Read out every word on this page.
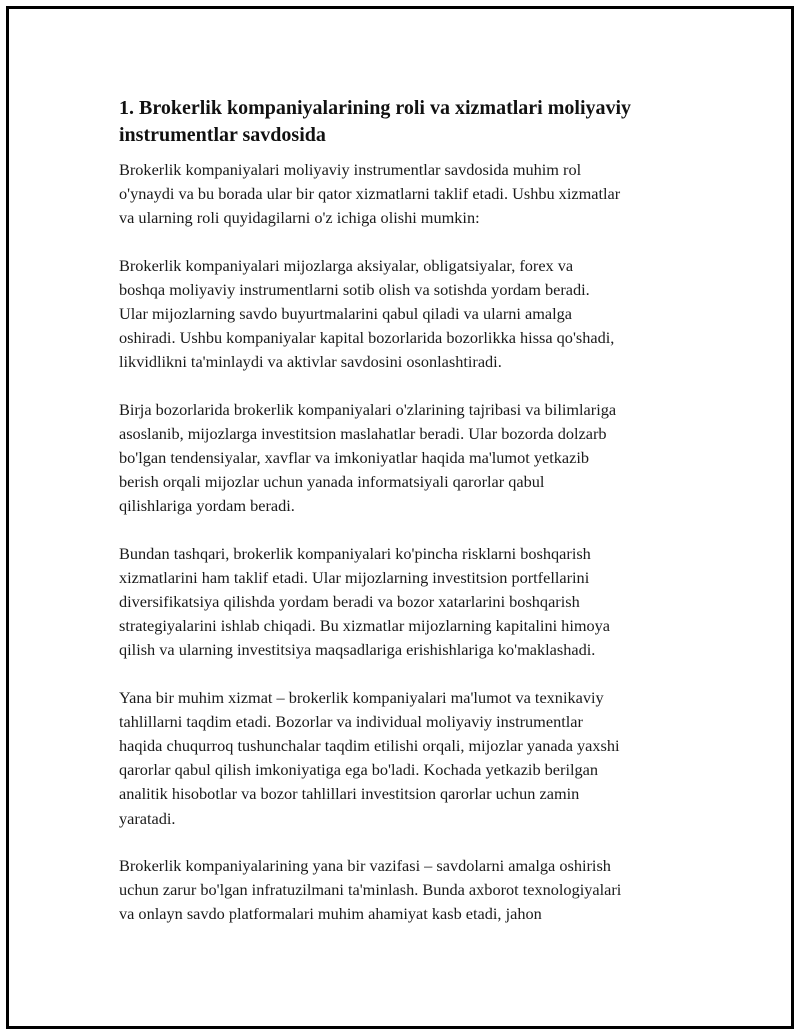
1. Brokerlik kompaniyalarining roli va xizmatlari moliyaviy
instrumentlar savdosida

Brokerlik kompaniyalari moliyaviy instrumentlar savdosida muhim rol
o'ynaydi va bu borada ular bir qator xizmatlarni taklif etadi. Ushbu xizmatlar
va ularning roli quyidagilarni o'z ichiga olishi mumkin:

Brokerlik kompaniyalari mijozlarga aksiyalar, obligatsiyalar, forex va
boshqa moliyaviy instrumentlarni sotib olish va sotishda yordam beradi.
Ular mijozlarning savdo buyurtmalarini qabul qiladi va ularni amalga
oshiradi. Ushbu kompaniyalar kapital bozorlarida bozorlikka hissa qo'shadi,
likvidlikni ta'minlaydi va aktivlar savdosini osonlashtiradi.

Birja bozorlarida brokerlik kompaniyalari o'zlarining tajribasi va bilimlariga
asoslanib, mijozlarga investitsion maslahatlar beradi. Ular bozorda dolzarb
bo'lgan tendensiyalar, xavflar va imkoniyatlar haqida ma'lumot yetkazib
berish orqali mijozlar uchun yanada informatsiyali qarorlar qabul
qilishlariga yordam beradi.

Bundan tashqari, brokerlik kompaniyalari ko'pincha risklarni boshqarish
xizmatlarini ham taklif etadi. Ular mijozlarning investitsion portfellarini
diversifikatsiya qilishda yordam beradi va bozor xatarlarini boshqarish
strategiyalarini ishlab chiqadi. Bu xizmatlar mijozlarning kapitalini himoya
qilish va ularning investitsiya maqsadlariga erishishlariga ko'maklashadi.

Yana bir muhim xizmat – brokerlik kompaniyalari ma'lumot va texnikaviy
tahlillarni taqdim etadi. Bozorlar va individual moliyaviy instrumentlar
haqida chuqurroq tushunchalar taqdim etilishi orqali, mijozlar yanada yaxshi
qarorlar qabul qilish imkoniyatiga ega bo'ladi. Kochada yetkazib berilgan
analitik hisobotlar va bozor tahlillari investitsion qarorlar uchun zamin
yaratadi.

Brokerlik kompaniyalarining yana bir vazifasi – savdolarni amalga oshirish
uchun zarur bo'lgan infratuzilmani ta'minlash. Bunda axborot texnologiyalari
va onlayn savdo platformalari muhim ahamiyat kasb etadi, jahon
